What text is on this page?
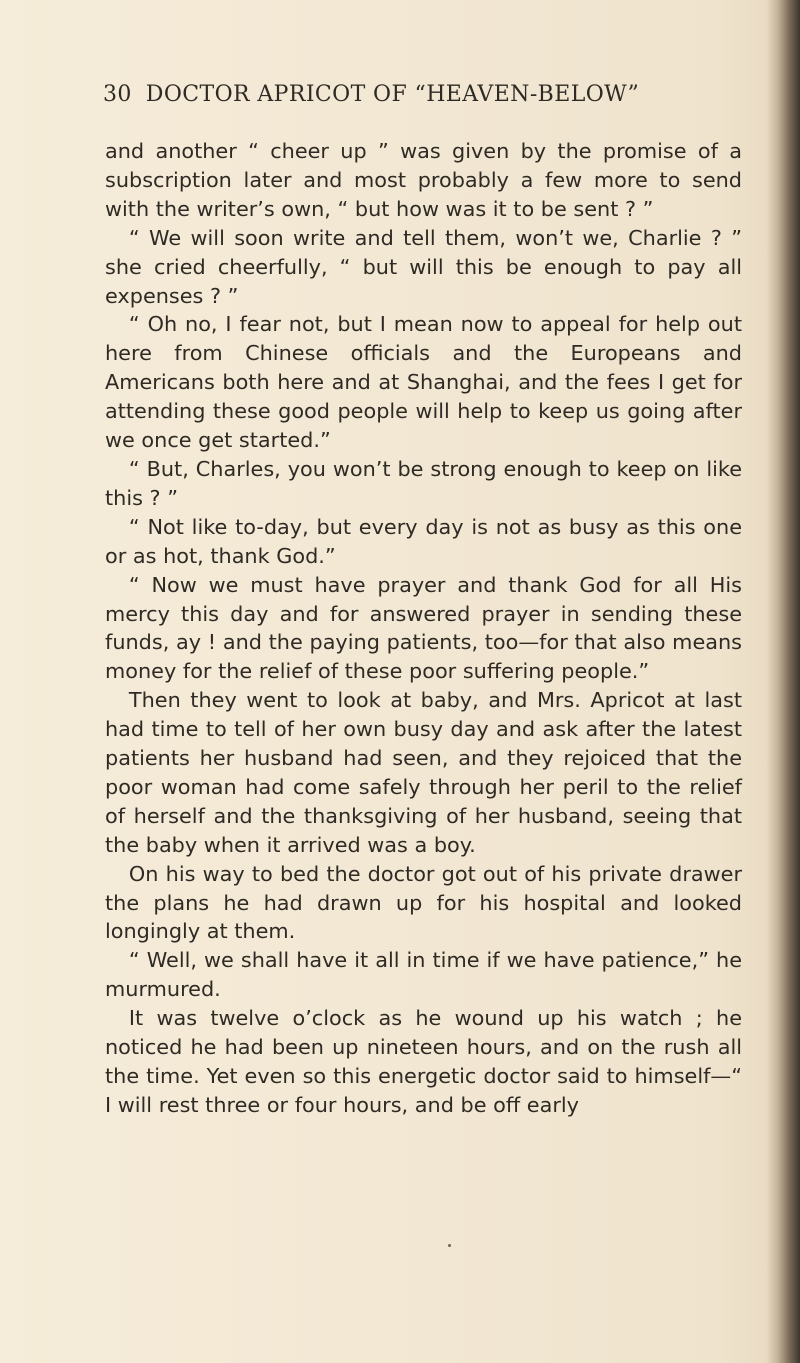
30 DOCTOR APRICOT OF “HEAVEN-BELOW”

and another “ cheer up ” was given by the promise of a subscription later and most probably a few more to send with the writer’s own, “ but how was it to be sent ? ”

“ We will soon write and tell them, won’t we, Charlie ? ” she cried cheerfully, “ but will this be enough to pay all expenses ? ”

“ Oh no, I fear not, but I mean now to appeal for help out here from Chinese officials and the Europeans and Americans both here and at Shanghai, and the fees I get for attending these good people will help to keep us going after we once get started.”

“ But, Charles, you won’t be strong enough to keep on like this ? ”

“ Not like to-day, but every day is not as busy as this one or as hot, thank God.”

“ Now we must have prayer and thank God for all His mercy this day and for answered prayer in sending these funds, ay ! and the paying patients, too—for that also means money for the relief of these poor suffering people.”

Then they went to look at baby, and Mrs. Apricot at last had time to tell of her own busy day and ask after the latest patients her husband had seen, and they rejoiced that the poor woman had come safely through her peril to the relief of herself and the thanksgiving of her husband, seeing that the baby when it arrived was a boy.

On his way to bed the doctor got out of his private drawer the plans he had drawn up for his hospital and looked longingly at them.

“ Well, we shall have it all in time if we have patience,” he murmured.

It was twelve o’clock as he wound up his watch ; he noticed he had been up nineteen hours, and on the rush all the time. Yet even so this energetic doctor said to himself—“ I will rest three or four hours, and be off early
